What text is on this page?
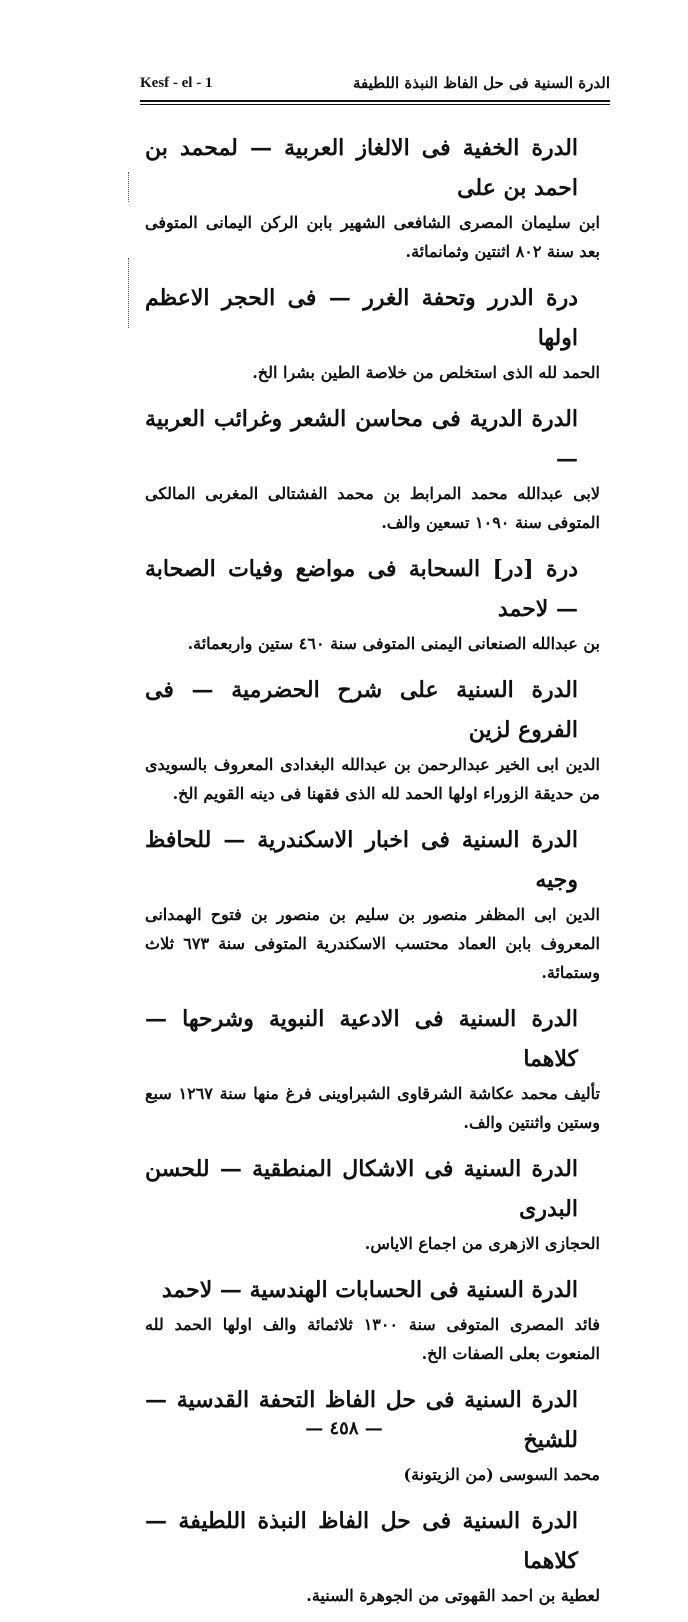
Kesf - el - 1	الدرة السنية فى حل الفاظ النبذة اللطيفة
الدرة الخفية فى الالغاز العربية — لمحمد بن احمد بن على
ابن سليمان المصرى الشافعى الشهير بابن الركن اليمانى المتوفى بعد سنة ٨٠٢ اثنتين وثمانمائة.
درة الدرر وتحفة الغرر — فى الحجر الاعظم اولها
الحمد لله الذى استخلص من خلاصة الطين بشرا الخ.
الدرة الدرية فى محاسن الشعر وغرائب العربية —
لابى عبدالله محمد المرابط بن محمد الفشتالى المغربى المالكى المتوفى سنة ١٠٩٠ تسعين والف.
درة [در] السحابة فى مواضع وفيات الصحابة — لاحمد
بن عبدالله الصنعانى اليمنى المتوفى سنة ٤٦٠ ستين واربعمائة.
الدرة السنية على شرح الحضرمية — فى الفروع لزين
الدين ابى الخير عبدالرحمن بن عبدالله البغدادى المعروف بالسويدى من حديقة الزوراء اولها الحمد لله الذى فقهنا فى دينه القويم الخ.
الدرة السنية فى اخبار الاسكندرية — للحافظ وجيه
الدين ابى المظفر منصور بن سليم بن منصور بن فتوح الهمدانى المعروف بابن العماد محتسب الاسكندرية المتوفى سنة ٦٧٣ ثلاث وستمائة.
الدرة السنية فى الادعية النبوية وشرحها — كلاهما
تأليف محمد عكاشة الشرقاوى الشبراوينى فرغ منها سنة ١٢٦٧ سبع وستين واثنتين والف.
الدرة السنية فى الاشكال المنطقية — للحسن البدرى
الحجازى الازهرى من اجماع الاياس.
الدرة السنية فى الحسابات الهندسية — لاحمد
فائد المصرى المتوفى سنة ١٣٠٠ ثلاثمائة والف اولها الحمد لله المنعوت بعلى الصفات الخ.
الدرة السنية فى حل الفاظ التحفة القدسية — للشيخ
محمد السوسى (من الزيتونة)
الدرة السنية فى حل الفاظ النبذة اللطيفة — كلاهما
لعطية بن احمد القهوتى من الجوهرة السنية.
— ٤٥٨ —
